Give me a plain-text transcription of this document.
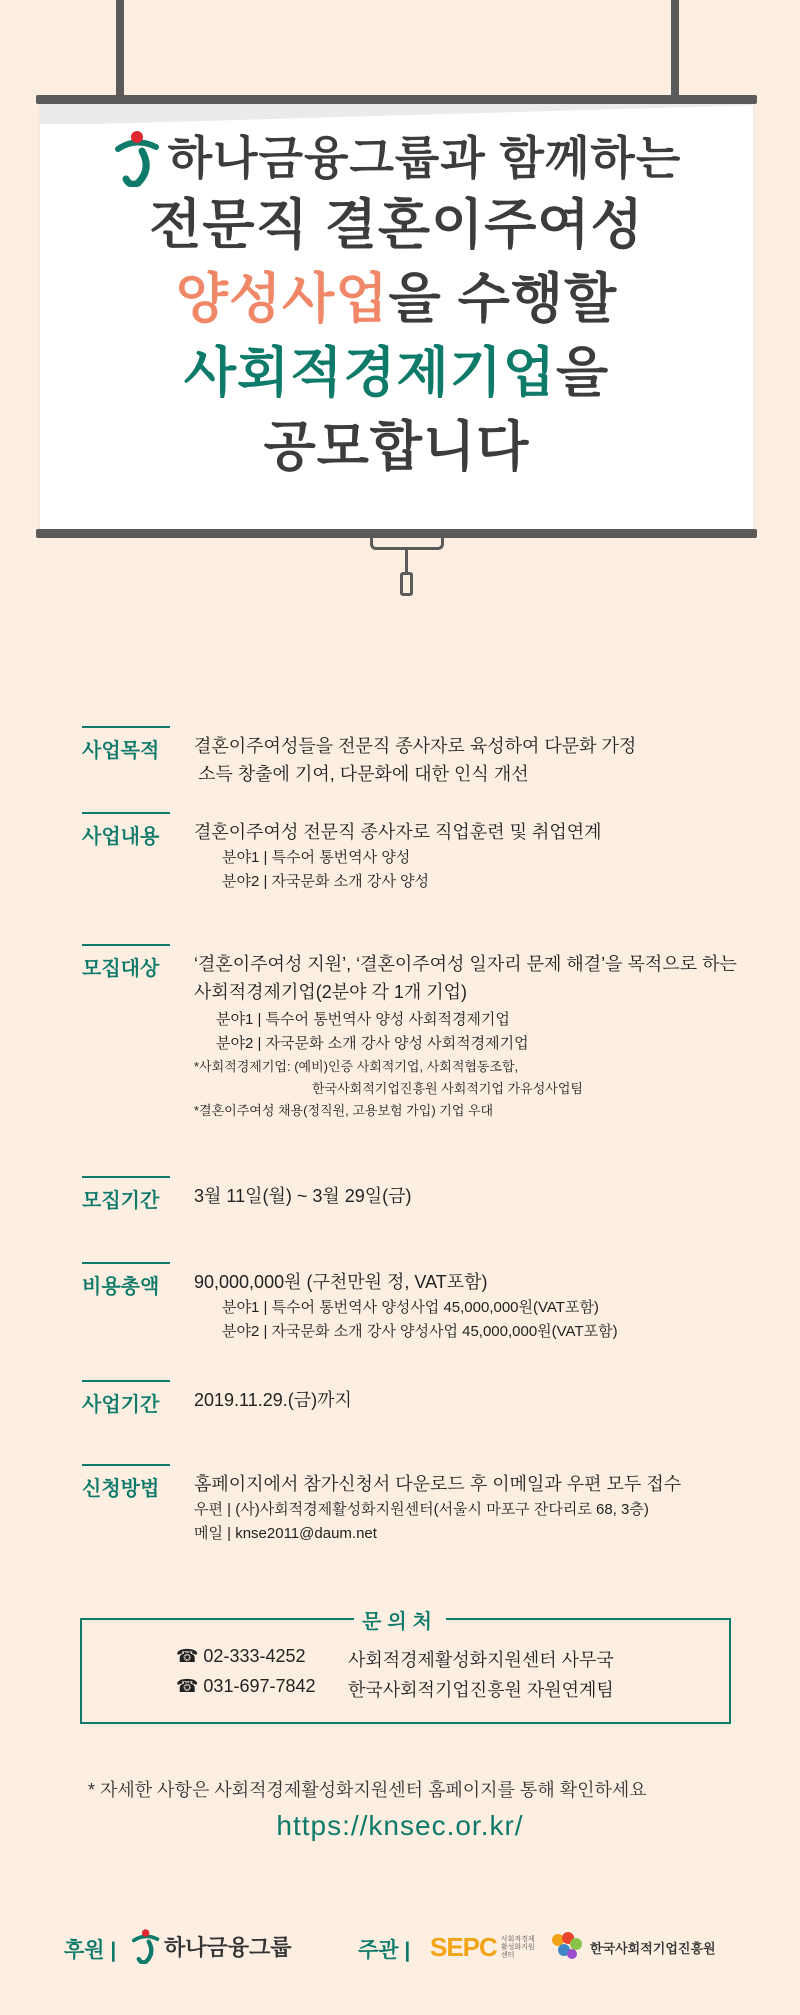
하나금융그룹과 함께하는
전문직 결혼이주여성
양성사업을 수행할
사회적경제기업을
공모합니다
사업목적	결혼이주여성들을 전문직 종사자로 육성하여 다문화 가정
소득 창출에 기여, 다문화에 대한 인식 개선
사업내용	결혼이주여성 전문직 종사자로 직업훈련 및 취업연계
분야1 | 특수어 통번역사 양성
분야2 | 자국문화 소개 강사 양성
모집대상	‘결혼이주여성 지원’, ‘결혼이주여성 일자리 문제 해결’을 목적으로 하는
사회적경제기업(2분야 각 1개 기업)
분야1 | 특수어 통번역사 양성 사회적경제기업
분야2 | 자국문화 소개 강사 양성 사회적경제기업
*사회적경제기업: (예비)인증 사회적기업, 사회적협동조합,
한국사회적기업진흥원 사회적기업 가유성사업팀
*결혼이주여성 채용(정직원, 고용보험 가입) 기업 우대
모집기간	3월 11일(월) ~ 3월 29일(금)
비용총액	90,000,000원 (구천만원 정, VAT포함)
분야1 | 특수어 통번역사 양성사업 45,000,000원(VAT포함)
분야2 | 자국문화 소개 강사 양성사업 45,000,000원(VAT포함)
사업기간	2019.11.29.(금)까지
신청방법	홈페이지에서 참가신청서 다운로드 후 이메일과 우편 모두 접수
우편 | (사)사회적경제활성화지원센터(서울시 마포구 잔다리로 68, 3층)
메일 | knse2011@daum.net
문의처
☎ 02-333-4252	사회적경제활성화지원센터 사무국
☎ 031-697-7842	한국사회적기업진흥원 자원연계팀
* 자세한 사항은 사회적경제활성화지원센터 홈페이지를 통해 확인하세요
https://knsec.or.kr/
후원 | 하나금융그룹	주관 | SEPC 사회적경제활성화지원센터	한국사회적기업진흥원
